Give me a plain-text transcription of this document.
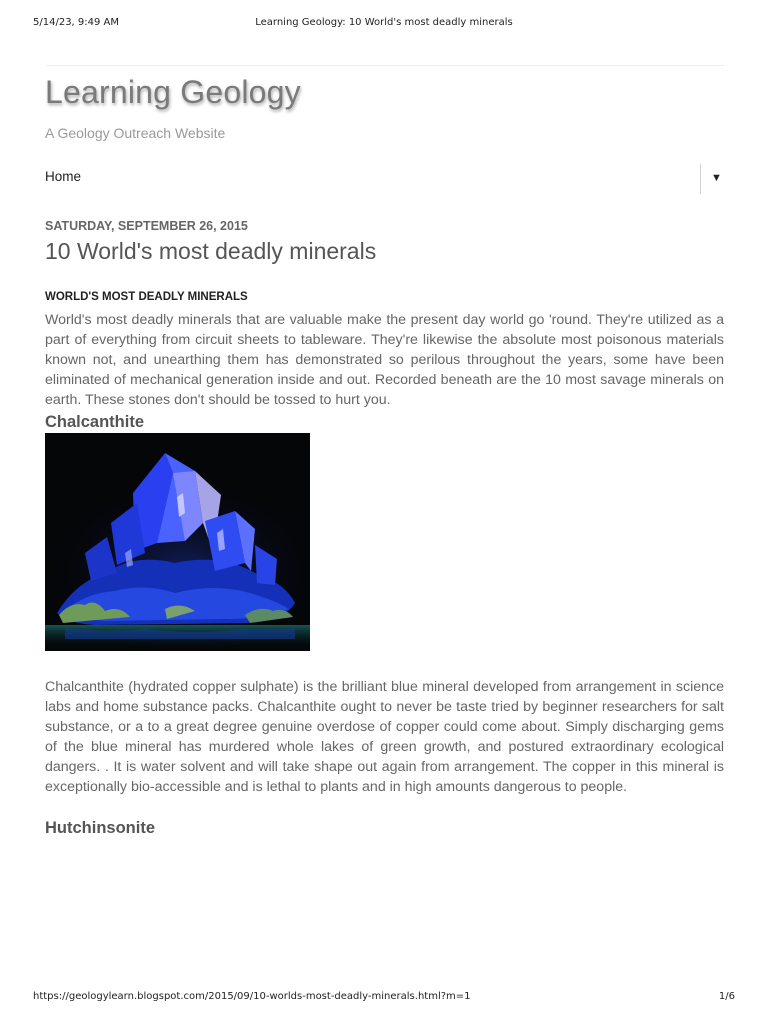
5/14/23, 9:49 AM	Learning Geology: 10 World's most deadly minerals
Learning Geology
A Geology Outreach Website
Home	▼
SATURDAY, SEPTEMBER 26, 2015
10 World's most deadly minerals
WORLD'S MOST DEADLY MINERALS

World's most deadly minerals that are valuable make the present day world go 'round. They're utilized as a part of everything from circuit sheets to tableware. They're likewise the absolute most poisonous materials known not, and unearthing them has demonstrated so perilous throughout the years, some have been eliminated of mechanical generation inside and out. Recorded beneath are the 10 most savage minerals on earth. These stones don't should be tossed to hurt you.

Chalcanthite

Chalcanthite (hydrated copper sulphate) is the brilliant blue mineral developed from arrangement in science labs and home substance packs. Chalcanthite ought to never be taste tried by beginner researchers for salt substance, or a to a great degree genuine overdose of copper could come about. Simply discharging gems of the blue mineral has murdered whole lakes of green growth, and postured extraordinary ecological dangers. . It is water solvent and will take shape out again from arrangement. The copper in this mineral is exceptionally bio-accessible and is lethal to plants and in high amounts dangerous to people.

Hutchinsonite
https://geologylearn.blogspot.com/2015/09/10-worlds-most-deadly-minerals.html?m=1	1/6
